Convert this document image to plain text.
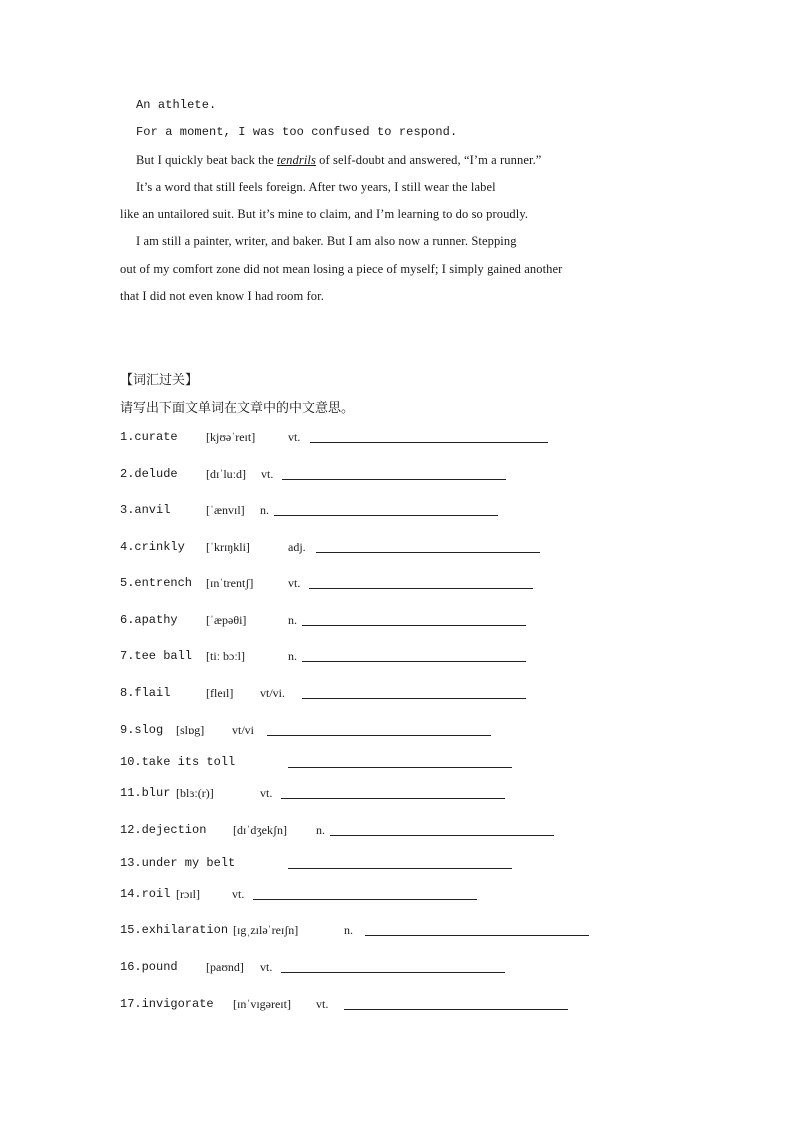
An athlete.

For a moment, I was too confused to respond.

But I quickly beat back the tendrils of self-doubt and answered, “I’m a runner.”

It’s a word that still feels foreign. After two years, I still wear the label

like an untailored suit. But it’s mine to claim, and I’m learning to do so proudly.

I am still a painter, writer, and baker. But I am also now a runner. Stepping

out of my comfort zone did not mean losing a piece of myself; I simply gained another

that I did not even know I had room for.

【词汇过关】
请写出下面文单词在文章中的中文意思。
1.curate [kjʊəˈreɪt]	vt.
2.delude [dɪˈluːd] vt.
3.anvil	[ˈænvɪl] n.
4.crinkly [ˈkrɪŋkli]	adj.
5.entrench [ɪnˈtrentʃ]	vt.
6.apathy [ˈæpəθi]	n.
7.tee ball [tiː bɔːl]	n.
8.flail	[fleɪl] vt/vi.
9.slog [slɒg] vt/vi
10.take its toll
11.blur [blɜː(r)]	vt.
12.dejection [dɪˈdʒekʃn] n.
13.under my belt
14.roil [rɔɪl]	vt.
15.exhilaration [ɪgˌzɪləˈreɪʃn]	n.
16.pound [paʊnd] vt.
17.invigorate [ɪnˈvɪgəreɪt] vt.
